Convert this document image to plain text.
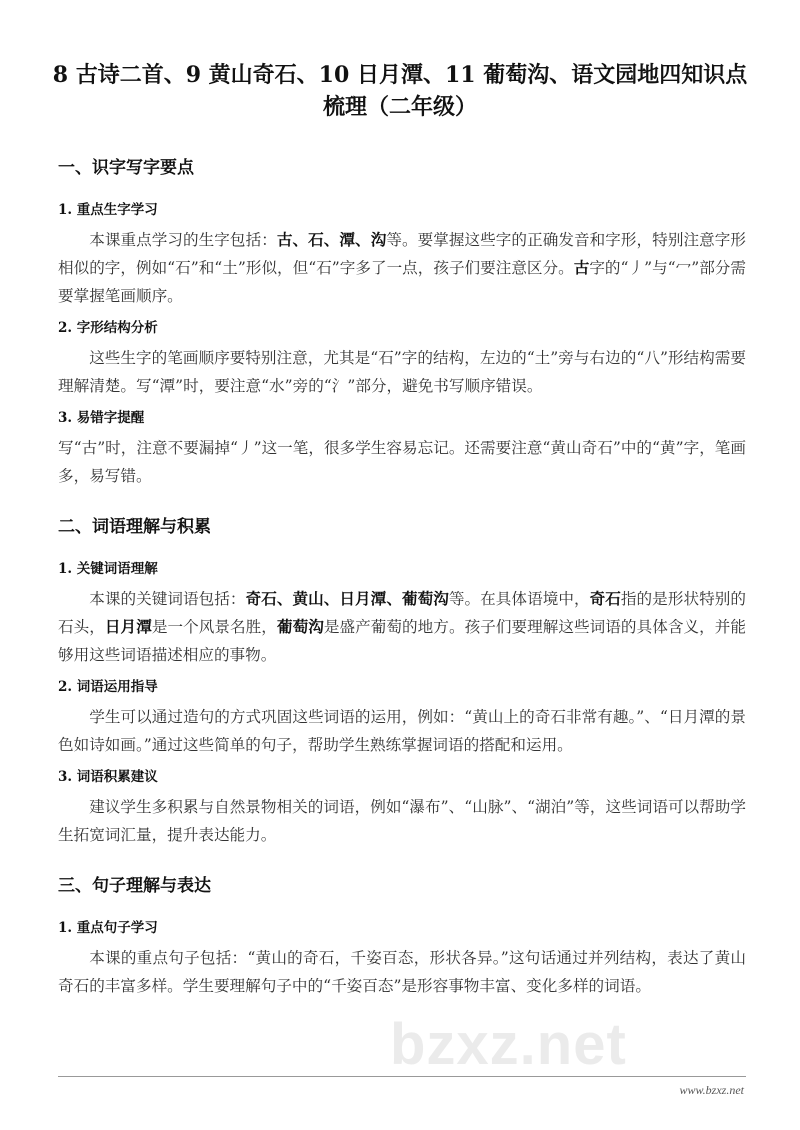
bzxz.net
8 古诗二首、9 黄山奇石、10 日月潭、11 葡萄沟、语文园地四知识点
梳理（二年级）
一、识字写字要点
1. 重点生字学习
本课重点学习的生字包括：古、石、潭、沟等。要掌握这些字的正确发音和字形，特别注意字形相似的字，例如“石”和“土”形似，但“石”字多了一点，孩子们要注意区分。古字的“丿”与“冖”部分需要掌握笔画顺序。
2. 字形结构分析
这些生字的笔画顺序要特别注意，尤其是“石”字的结构，左边的“土”旁与右边的“八”形结构需要理解清楚。写“潭”时，要注意“水”旁的“氵”部分，避免书写顺序错误。
3. 易错字提醒
写“古”时，注意不要漏掉“丿”这一笔，很多学生容易忘记。还需要注意“黄山奇石”中的“黄”字，笔画多，易写错。
二、词语理解与积累
1. 关键词语理解
本课的关键词语包括：奇石、黄山、日月潭、葡萄沟等。在具体语境中，奇石指的是形状特别的石头，日月潭是一个风景名胜，葡萄沟是盛产葡萄的地方。孩子们要理解这些词语的具体含义，并能够用这些词语描述相应的事物。
2. 词语运用指导
学生可以通过造句的方式巩固这些词语的运用，例如：“黄山上的奇石非常有趣。”、“日月潭的景色如诗如画。”通过这些简单的句子，帮助学生熟练掌握词语的搭配和运用。
3. 词语积累建议
建议学生多积累与自然景物相关的词语，例如“瀑布”、“山脉”、“湖泊”等，这些词语可以帮助学生拓宽词汇量，提升表达能力。
三、句子理解与表达
1. 重点句子学习
本课的重点句子包括：“黄山的奇石，千姿百态，形状各异。”这句话通过并列结构，表达了黄山奇石的丰富多样。学生要理解句子中的“千姿百态”是形容事物丰富、变化多样的词语。
www.bzxz.net
